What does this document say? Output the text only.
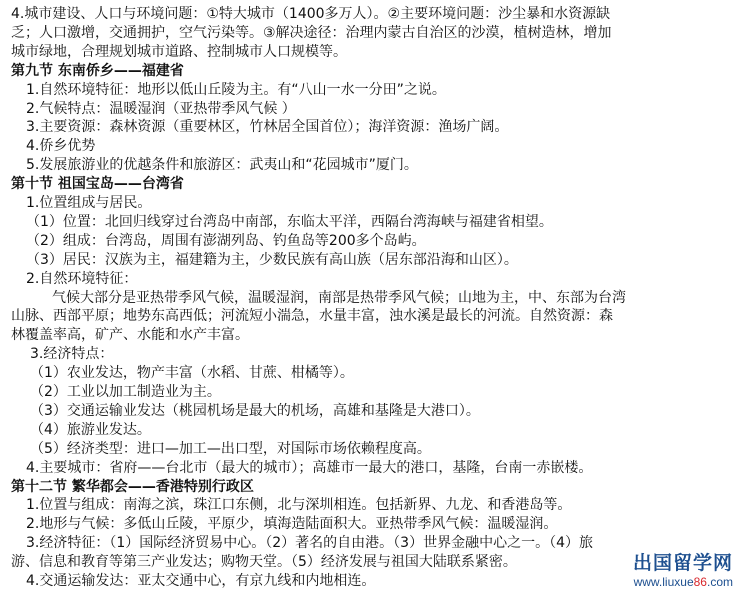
4.城市建设、人口与环境问题：①特大城市（1400多万人）。②主要环境问题：沙尘暴和水资源缺
乏；人口激增，交通拥护，空气污染等。③解决途径：治理内蒙古自治区的沙漠，植树造林，增加
城市绿地，合理规划城市道路、控制城市人口规模等。
第九节 东南侨乡——福建省
1.自然环境特征：地形以低山丘陵为主。有“八山一水一分田”之说。
2.气候特点：温暖湿润（亚热带季风气候 ）
3.主要资源：森林资源（重要林区，竹林居全国首位）；海洋资源：渔场广阔。
4.侨乡优势
5.发展旅游业的优越条件和旅游区：武夷山和“花园城市”厦门。
第十节 祖国宝岛——台湾省
1.位置组成与居民。
（1）位置：北回归线穿过台湾岛中南部，东临太平洋，西隔台湾海峡与福建省相望。
（2）组成：台湾岛，周围有澎湖列岛、钓鱼岛等200多个岛屿。
（3）居民：汉族为主，福建籍为主，少数民族有高山族（居东部沿海和山区）。
2.自然环境特征：
气候大部分是亚热带季风气候，温暖湿润，南部是热带季风气候；山地为主，中、东部为台湾
山脉、西部平原；地势东高西低；河流短小湍急，水量丰富，浊水溪是最长的河流。自然资源：森
林覆盖率高，矿产、水能和水产丰富。
3.经济特点：
（1）农业发达，物产丰富（水稻、甘蔗、柑橘等）。
（2）工业以加工制造业为主。
（3）交通运输业发达（桃园机场是最大的机场，高雄和基隆是大港口）。
（4）旅游业发达。
（5）经济类型：进口—加工—出口型，对国际市场依赖程度高。
4.主要城市：省府——台北市（最大的城市）；高雄市一最大的港口，基隆，台南一赤嵌楼。
第十二节 繁华都会——香港特别行政区
1.位置与组成：南海之滨，珠江口东侧，北与深圳相连。包括新界、九龙、和香港岛等。
2.地形与气候：多低山丘陵，平原少，填海造陆面积大。亚热带季风气候：温暖湿润。
3.经济特征：（1）国际经济贸易中心。（2）著名的自由港。（3）世界金融中心之一。（4）旅
游、信息和教育等第三产业发达；购物天堂。（5）经济发展与祖国大陆联系紧密。
4.交通运输发达：亚太交通中心，有京九线和内地相连。
出国留学网
www.liuxue86.com
